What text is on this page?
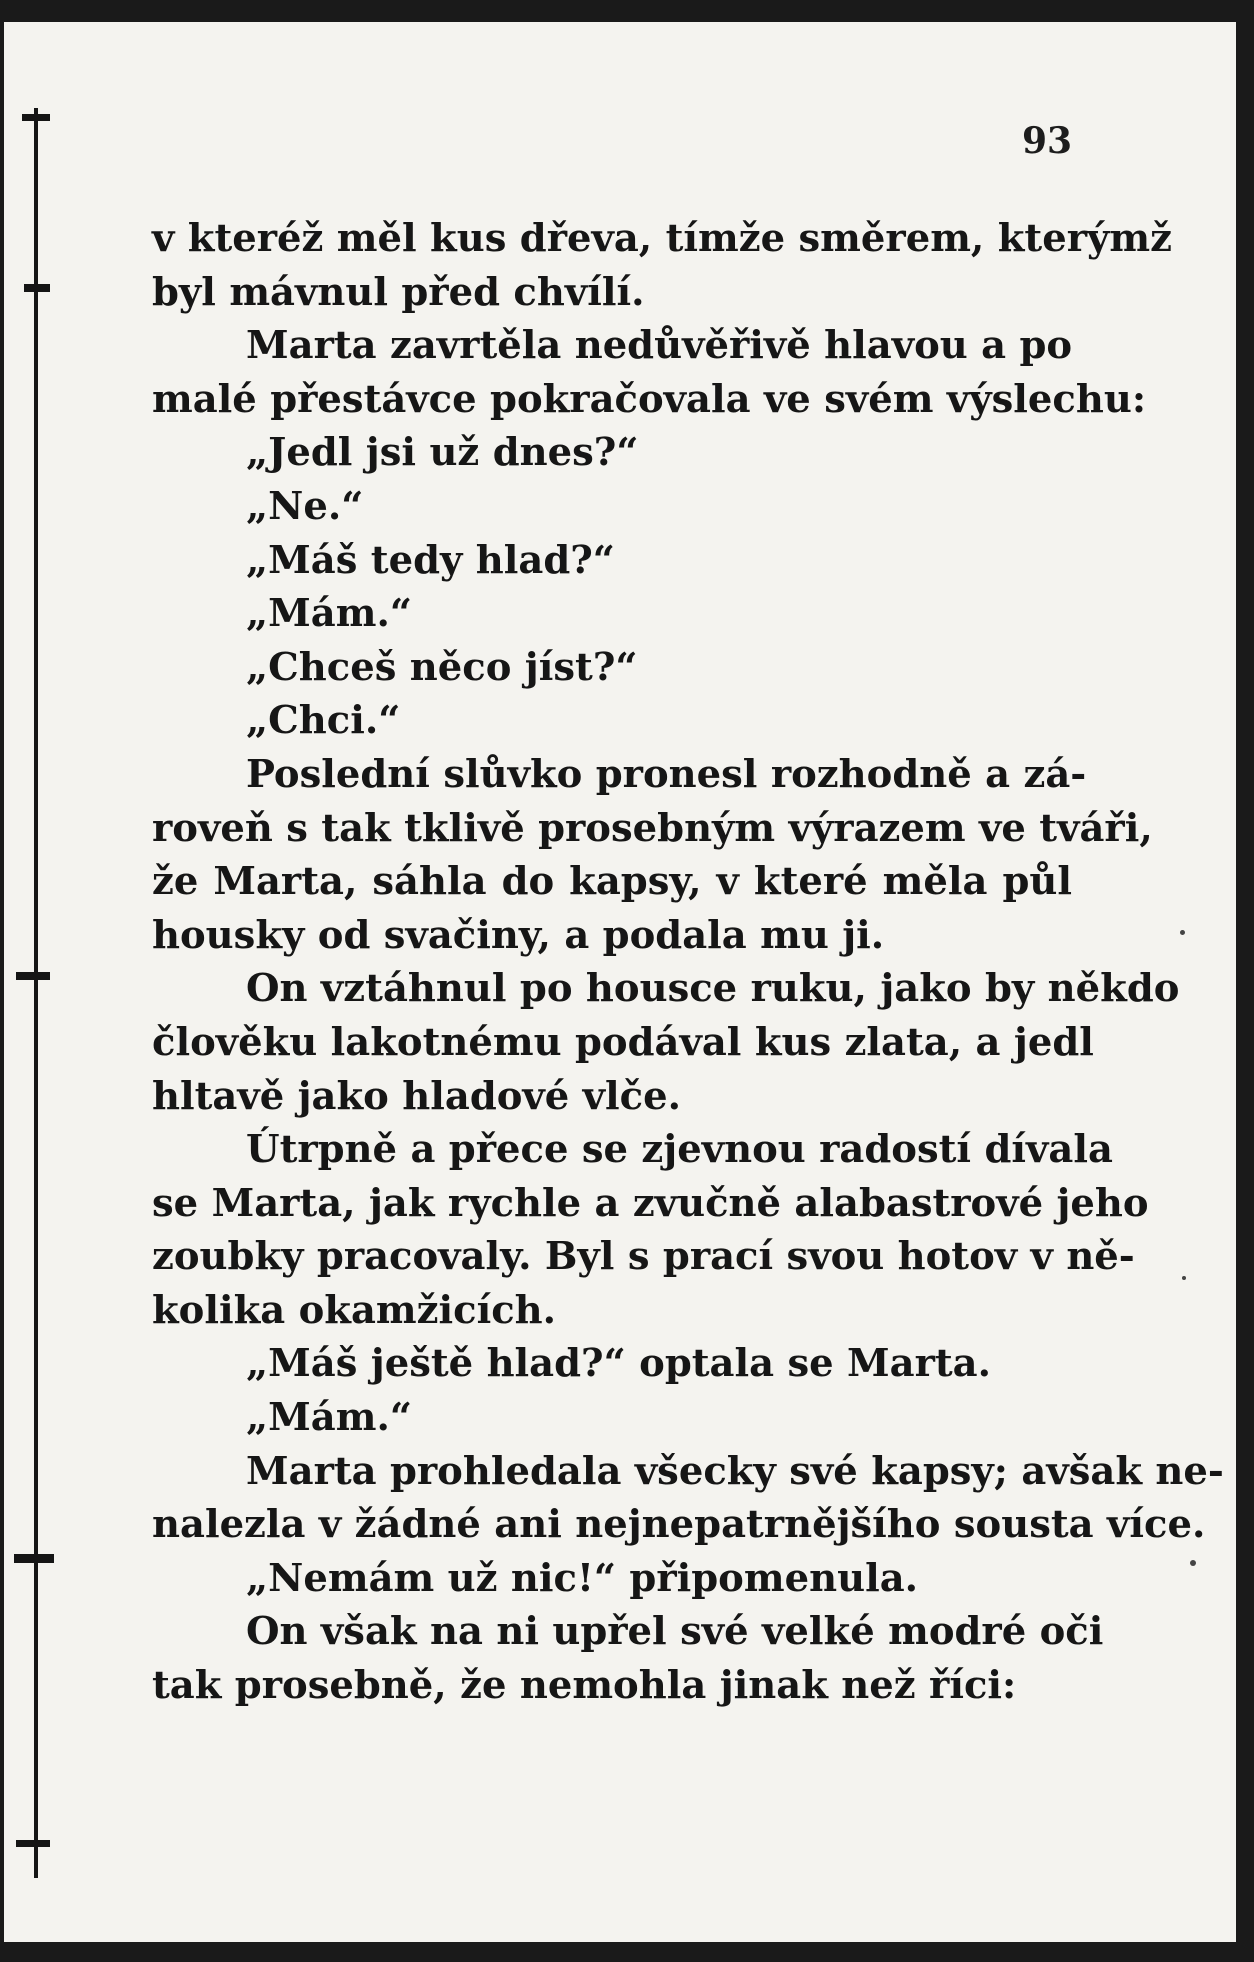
93
v kteréž měl kus dřeva, tímže směrem, kterýmž
byl mávnul před chvílí.
Marta zavrtěla nedůvěřivě hlavou a po
malé přestávce pokračovala ve svém výslechu:
„Jedl jsi už dnes?“
„Ne.“
„Máš tedy hlad?“
„Mám.“
„Chceš něco jíst?“
„Chci.“
Poslední slůvko pronesl rozhodně a zá-
roveň s tak tklivě prosebným výrazem ve tváři,
že Marta, sáhla do kapsy, v které měla půl
housky od svačiny, a podala mu ji.
On vztáhnul po housce ruku, jako by někdo
člověku lakotnému podával kus zlata, a jedl
hltavě jako hladové vlče.
Útrpně a přece se zjevnou radostí dívala
se Marta, jak rychle a zvučně alabastrové jeho
zoubky pracovaly. Byl s prací svou hotov v ně-
kolika okamžicích.
„Máš ještě hlad?“ optala se Marta.
„Mám.“
Marta prohledala všecky své kapsy; avšak ne-
nalezla v žádné ani nejnepatrnějšího sousta více.
„Nemám už nic!“ připomenula.
On však na ni upřel své velké modré oči
tak prosebně, že nemohla jinak než říci:
